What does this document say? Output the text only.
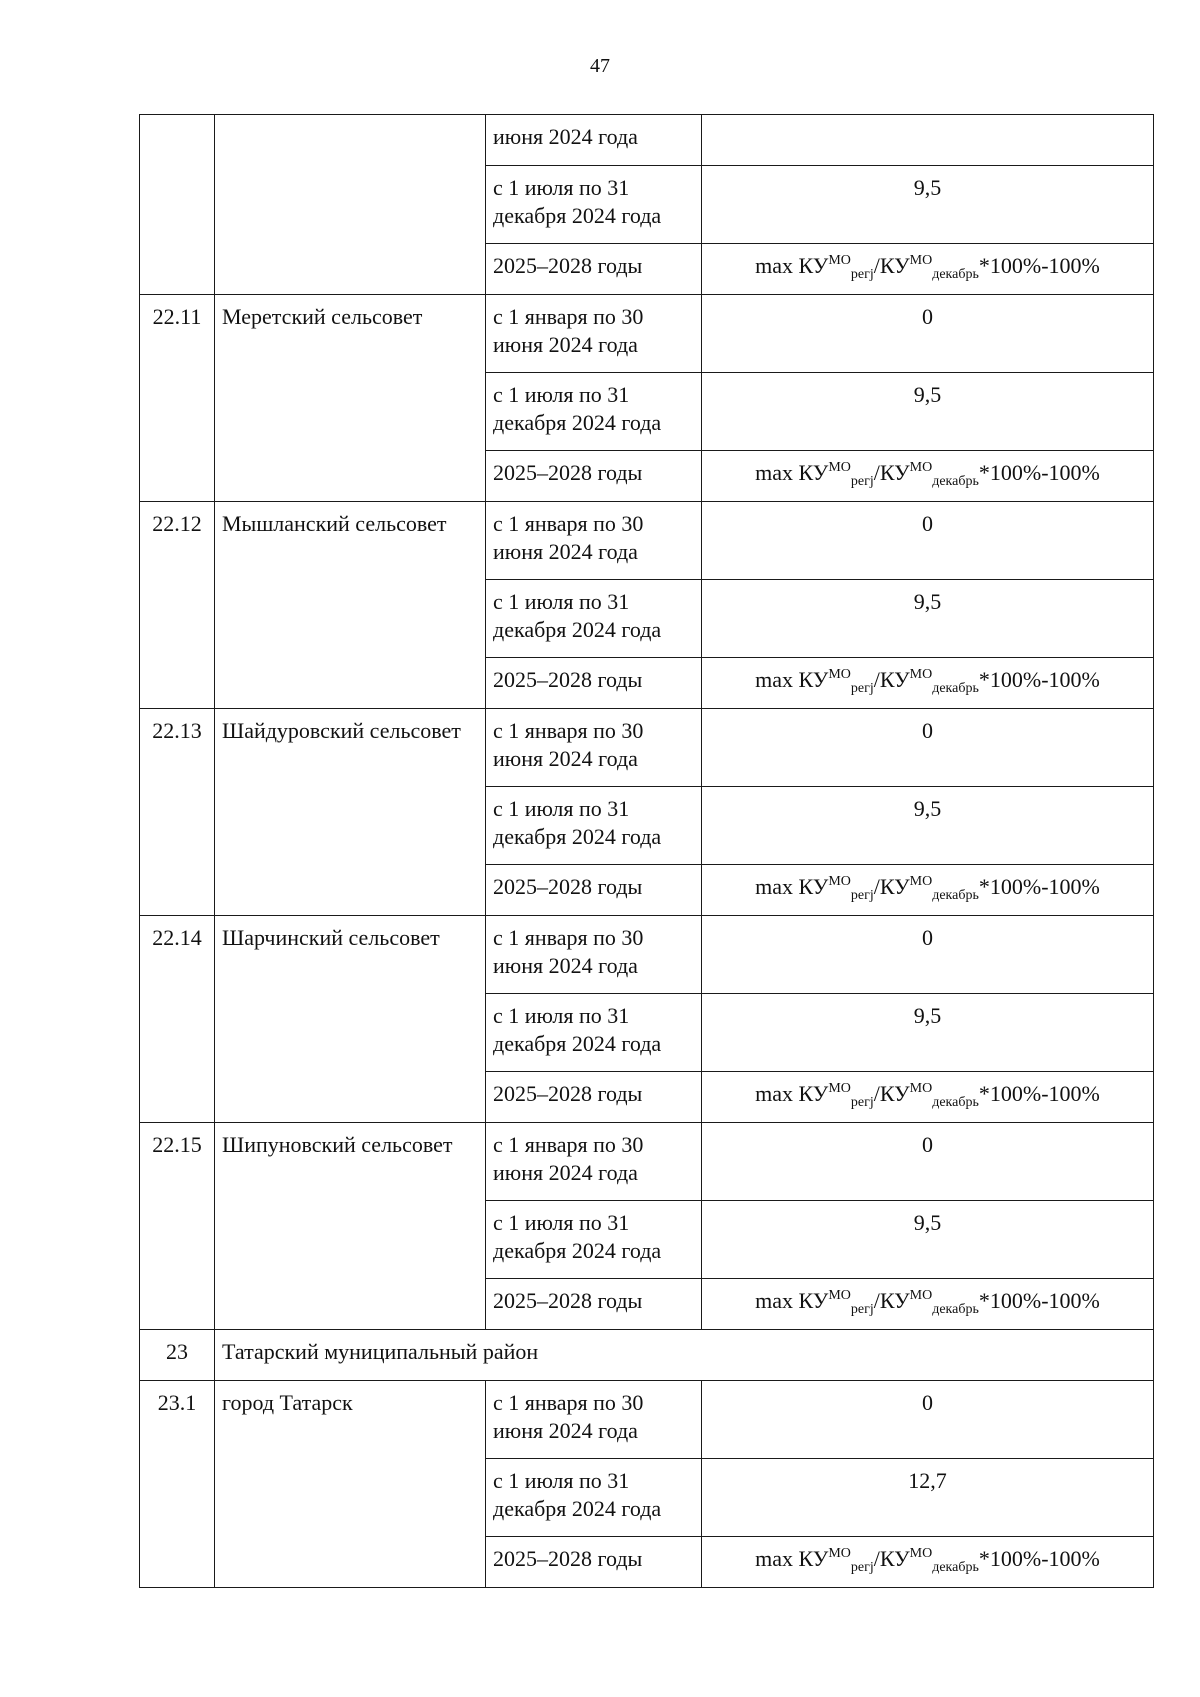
47
		июня 2024 года	
		с 1 июля по 31 декабря 2024 года	9,5
		2025–2028 годы	$\max КУ^{МО}_{регj}/КУ^{МО}_{декабрь}*100\%-100\%$
22.11	Меретский сельсовет	с 1 января по 30 июня 2024 года	0
		с 1 июля по 31 декабря 2024 года	9,5
		2025–2028 годы	$\max КУ^{МО}_{регj}/КУ^{МО}_{декабрь}*100\%-100\%$
22.12	Мышланский сельсовет	с 1 января по 30 июня 2024 года	0
		с 1 июля по 31 декабря 2024 года	9,5
		2025–2028 годы	$\max КУ^{МО}_{регj}/КУ^{МО}_{декабрь}*100\%-100\%$
22.13	Шайдуровский сельсовет	с 1 января по 30 июня 2024 года	0
		с 1 июля по 31 декабря 2024 года	9,5
		2025–2028 годы	$\max КУ^{МО}_{регj}/КУ^{МО}_{декабрь}*100\%-100\%$
22.14	Шарчинский сельсовет	с 1 января по 30 июня 2024 года	0
		с 1 июля по 31 декабря 2024 года	9,5
		2025–2028 годы	$\max КУ^{МО}_{регj}/КУ^{МО}_{декабрь}*100\%-100\%$
22.15	Шипуновский сельсовет	с 1 января по 30 июня 2024 года	0
		с 1 июля по 31 декабря 2024 года	9,5
		2025–2028 годы	$\max КУ^{МО}_{регj}/КУ^{МО}_{декабрь}*100\%-100\%$
23	Татарский муниципальный район		
23.1	город Татарск	с 1 января по 30 июня 2024 года	0
		с 1 июля по 31 декабря 2024 года	12,7
		2025–2028 годы	$\max КУ^{МО}_{регj}/КУ^{МО}_{декабрь}*100\%-100\%$
